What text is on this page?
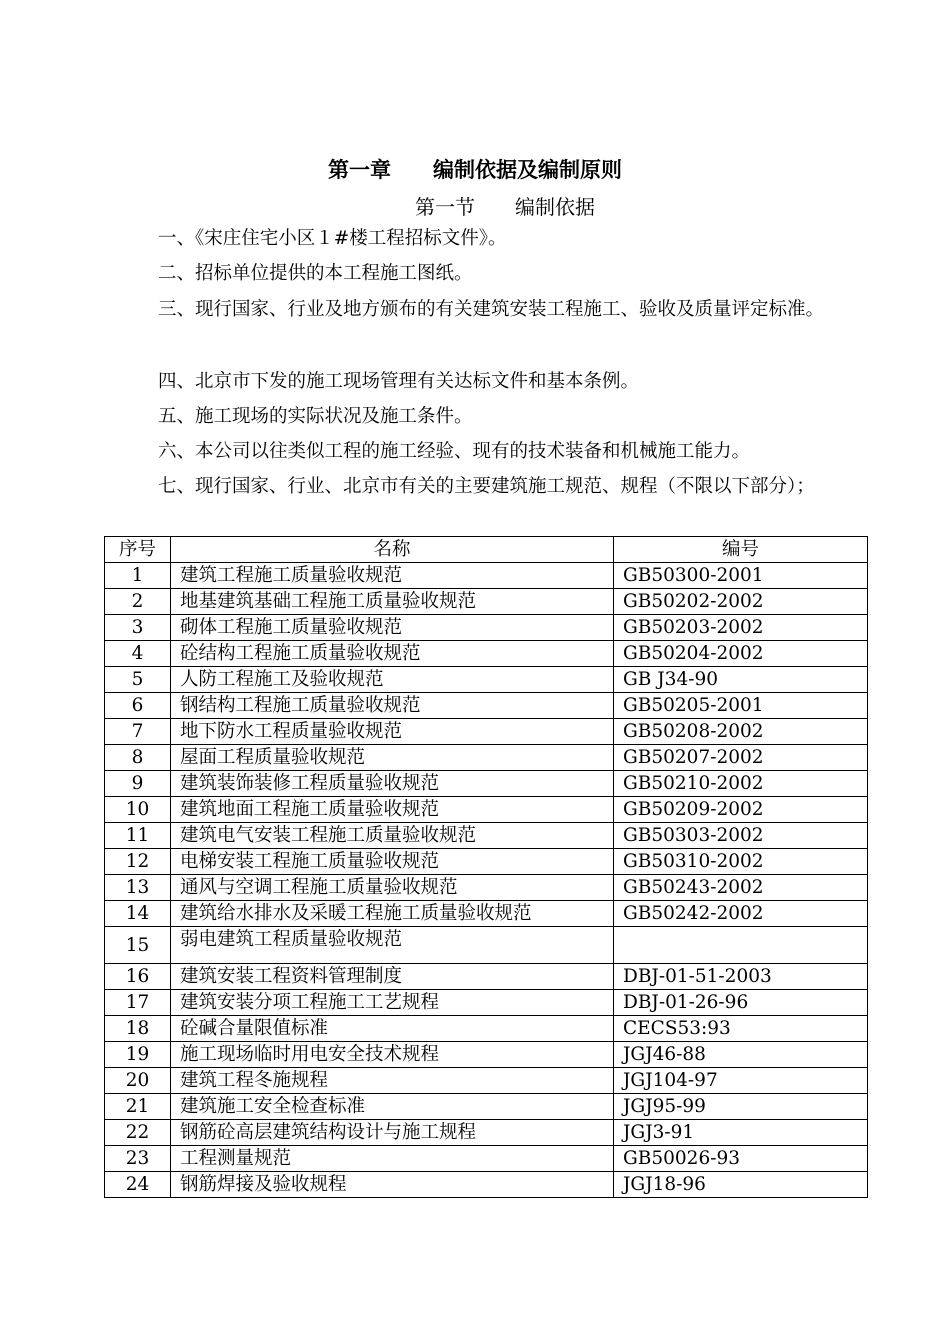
第一章　　编制依据及编制原则
第一节　　编制依据
一、《宋庄住宅小区１#楼工程招标文件》。
二、招标单位提供的本工程施工图纸。
三、现行国家、行业及地方颁布的有关建筑安装工程施工、验收及质量评定标准。
四、北京市下发的施工现场管理有关达标文件和基本条例。
五、施工现场的实际状况及施工条件。
六、本公司以往类似工程的施工经验、现有的技术装备和机械施工能力。
七、现行国家、行业、北京市有关的主要建筑施工规范、规程（不限以下部分）；
序号	名称	编号
1	建筑工程施工质量验收规范	GB50300-2001
2	地基建筑基础工程施工质量验收规范	GB50202-2002
3	砌体工程施工质量验收规范	GB50203-2002
4	砼结构工程施工质量验收规范	GB50204-2002
5	人防工程施工及验收规范	GB J34-90
6	钢结构工程施工质量验收规范	GB50205-2001
7	地下防水工程质量验收规范	GB50208-2002
8	屋面工程质量验收规范	GB50207-2002
9	建筑装饰装修工程质量验收规范	GB50210-2002
10	建筑地面工程施工质量验收规范	GB50209-2002
11	建筑电气安装工程施工质量验收规范	GB50303-2002
12	电梯安装工程施工质量验收规范	GB50310-2002
13	通风与空调工程施工质量验收规范	GB50243-2002
14	建筑给水排水及采暖工程施工质量验收规范	GB50242-2002
15	弱电建筑工程质量验收规范	
16	建筑安装工程资料管理制度	DBJ-01-51-2003
17	建筑安装分项工程施工工艺规程	DBJ-01-26-96
18	砼碱合量限值标准	CECS53:93
19	施工现场临时用电安全技术规程	JGJ46-88
20	建筑工程冬施规程	JGJ104-97
21	建筑施工安全检查标准	JGJ95-99
22	钢筋砼高层建筑结构设计与施工规程	JGJ3-91
23	工程测量规范	GB50026-93
24	钢筋焊接及验收规程	JGJ18-96
